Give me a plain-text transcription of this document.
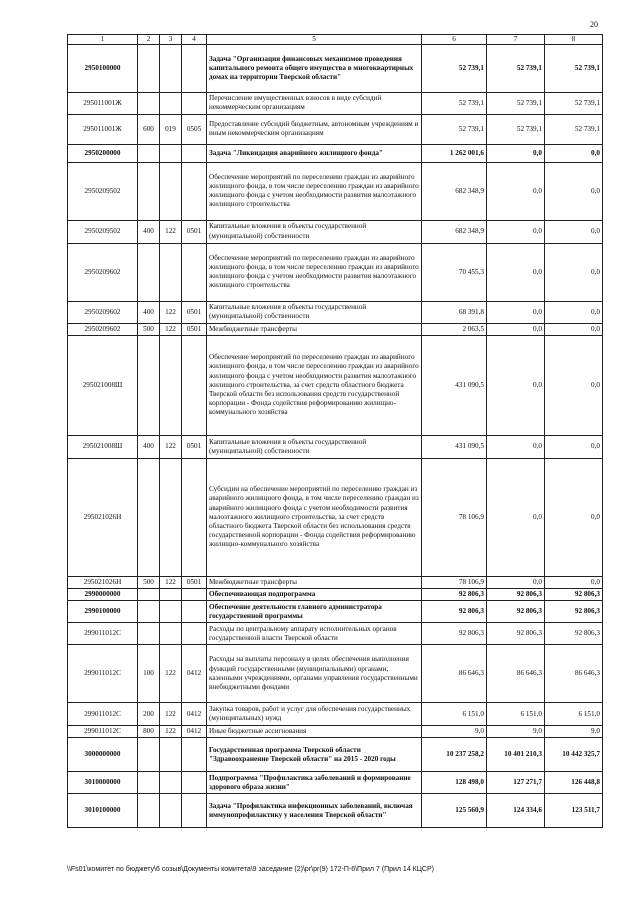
20
1	2	3	4	5	6	7	8
2950100000				Задача "Организация финансовых механизмов проведения капитального ремонта общего имущества в многоквартирных домах на территории Тверской области"	52 739,1	52 739,1	52 739,1
295011001Ж				Перечисление имущественных взносов в виде субсидий некоммерческим организациям	52 739,1	52 739,1	52 739,1
295011001Ж	600	019	0505	Предоставление субсидий бюджетным, автономным учреждениям и иным некоммерческим организациям	52 739,1	52 739,1	52 739,1
2950200000				Задача "Ликвидация аварийного жилищного фонда"	1 262 001,6	0,0	0,0
2950209502				Обеспечение мероприятий по переселению граждан из аварийного жилищного фонда, в том числе переселению граждан из аварийного жилищного фонда с учетом необходимости развития малоэтажного жилищного строительства	682 348,9	0,0	0,0
2950209502	400	122	0501	Капитальные вложения в объекты государственной (муниципальной) собственности	682 348,9	0,0	0,0
2950209602				Обеспечение мероприятий по переселению граждан из аварийного жилищного фонда, в том числе переселению граждан из аварийного жилищного фонда с учетом необходимости развития малоэтажного жилищного строительства	70 455,3	0,0	0,0
2950209602	400	122	0501	Капитальные вложения в объекты государственной (муниципальной) собственности	68 391,8	0,0	0,0
2950209602	500	122	0501	Межбюджетные трансферты	2 063,5	0,0	0,0
295021008Ш				Обеспечение мероприятий по переселению граждан из аварийного жилищного фонда, в том числе переселению граждан из аварийного жилищного фонда с учетом необходимости развития малоэтажного жилищного строительства, за счет средств областного бюджета Тверской области без использования средств государственной корпорации - Фонда содействия реформированию жилищно-коммунального хозяйства	431 090,5	0,0	0,0
295021008Ш	400	122	0501	Капитальные вложения в объекты государственной (муниципальной) собственности	431 090,5	0,0	0,0
295021026Н				Субсидии на обеспечение мероприятий по переселению граждан из аварийного жилищного фонда, в том числе переселению граждан из аварийного жилищного фонда с учетом необходимости развития малоэтажного жилищного строительства, за счет средств областного бюджета Тверской области без использования средств государственной корпорации - Фонда содействия реформированию жилищно-коммунального хозяйства	78 106,9	0,0	0,0
295021026Н	500	122	0501	Межбюджетные трансферты	78 106,9	0,0	0,0
2990000000				Обеспечивающая подпрограмма	92 806,3	92 806,3	92 806,3
2990100000				Обеспечение деятельности главного администратора государственной программы	92 806,3	92 806,3	92 806,3
299011012С				Расходы по центральному аппарату исполнительных органов государственной власти Тверской области	92 806,3	92 806,3	92 806,3
299011012С	100	122	0412	Расходы на выплаты персоналу в целях обеспечения выполнения функций государственными (муниципальными) органами, казенными учреждениями, органами управления государственными внебюджетными фондами	86 646,3	86 646,3	86 646,3
299011012С	200	122	0412	Закупка товаров, работ и услуг для обеспечения государственных (муниципальных) нужд	6 151,0	6 151,0	6 151,0
299011012С	800	122	0412	Иные бюджетные ассигнования	9,0	9,0	9,0
3000000000				Государственная программа Тверской области "Здравоохранение Тверской области" на 2015 - 2020 годы	10 237 258,2	10 401 210,3	10 442 325,7
3010000000				Подпрограмма "Профилактика заболеваний и формирование здорового образа жизни"	128 498,0	127 271,7	126 448,8
3010100000				Задача "Профилактика инфекционных заболеваний, включая иммунопрофилактику у населения Тверской области"	125 560,9	124 334,6	123 511,7
\\Fs01\комитет по бюджету\6 созыв\Документы комитета\9 заседание (2)\pr\pr(9) 172-П-6\Прил 7 (Прил 14 КЦСР)
